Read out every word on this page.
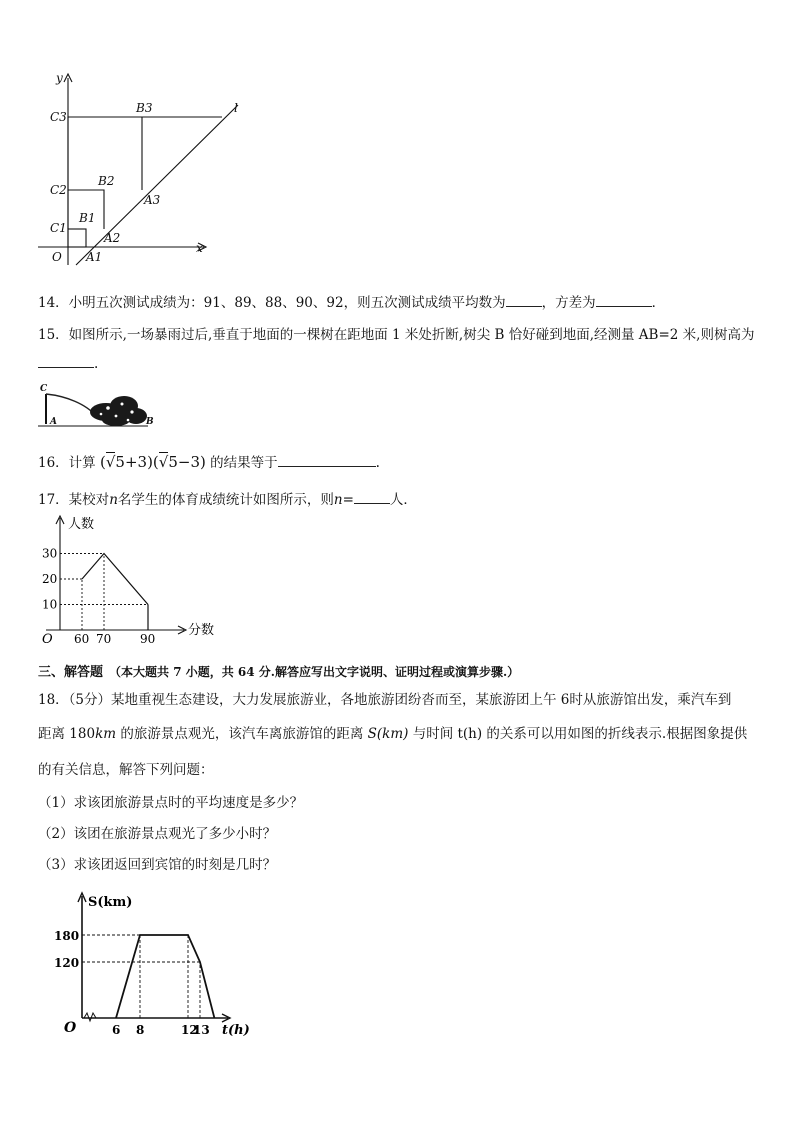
y
x
l
O
C1
C2
C3
B1
B2
B3
A1
A2
A3
14．小明五次测试成绩为：91、89、88、90、92，则五次测试成绩平均数为	，方差为	．
15．如图所示,一场暴雨过后,垂直于地面的一棵树在距地面 1 米处折断,树尖 B 恰好碰到地面,经测量 AB=2 米,则树高为
.
C
A	B
16．计算 (√5+3)(√5−3) 的结果等于	.
17．某校对n名学生的体育成绩统计如图所示，则n=	人．
人数
分数
O
30
20
10
60 70 90
三、解答题 （本大题共 7 小题，共 64 分.解答应写出文字说明、证明过程或演算步骤.）
18．（5分）某地重视生态建设，大力发展旅游业，各地旅游团纷沓而至，某旅游团上午 6时从旅游馆出发，乘汽车到
距离 180km 的旅游景点观光，该汽车离旅游馆的距离 S(km) 与时间 t(h) 的关系可以用如图的折线表示.根据图象提供
的有关信息，解答下列问题：
（1）求该团旅游景点时的平均速度是多少？
（2）该团在旅游景点观光了多少小时？
（3）求该团返回到宾馆的时刻是几时？
S(km)
t(h)
O
180
120
6 8	12
13
